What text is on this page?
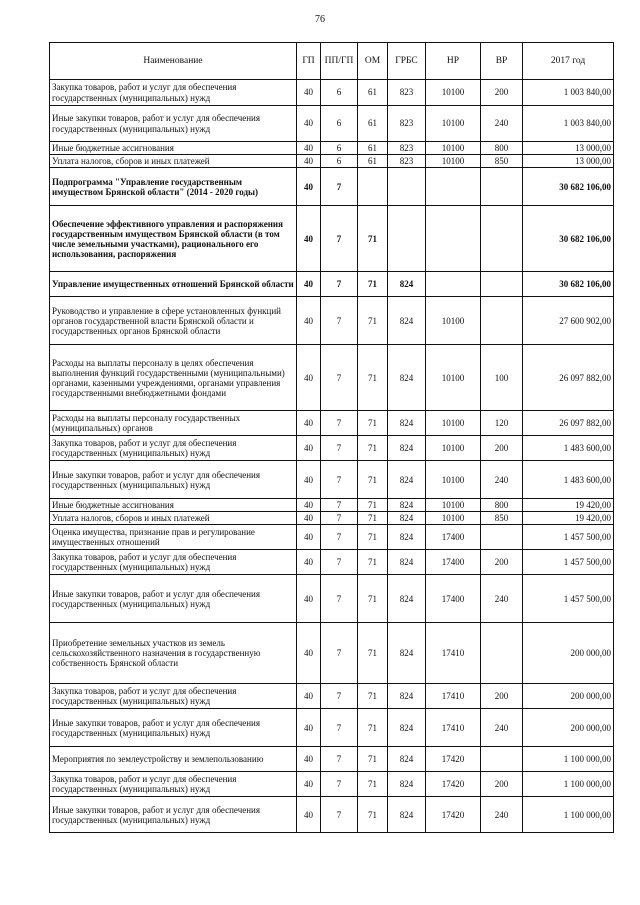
76
Наименование	ГП	ПП/ГП	ОМ	ГРБС	НР	ВР	2017 год
Закупка товаров, работ и услуг для обеспечения государственных (муниципальных) нужд	40	6	61	823	10100	200	1 003 840,00
Иные закупки товаров, работ и услуг для обеспечения государственных (муниципальных) нужд	40	6	61	823	10100	240	1 003 840,00
Иные бюджетные ассигнования	40	6	61	823	10100	800	13 000,00
Уплата налогов, сборов и иных платежей	40	6	61	823	10100	850	13 000,00
Подпрограмма "Управление государственным имуществом Брянской области" (2014 - 2020 годы)	40	7					30 682 106,00
Обеспечение эффективного управления и распоряжения государственным имуществом Брянской области (в том числе земельными участками), рационального его использования, распоряжения	40	7	71				30 682 106,00
Управление имущественных отношений Брянской области	40	7	71	824			30 682 106,00
Руководство и управление в сфере установленных функций органов государственной власти Брянской области и государственных органов Брянской области	40	7	71	824	10100		27 600 902,00
Расходы на выплаты персоналу в целях обеспечения выполнения функций государственными (муниципальными) органами, казенными учреждениями, органами управления государственными внебюджетными фондами	40	7	71	824	10100	100	26 097 882,00
Расходы на выплаты персоналу государственных (муниципальных) органов	40	7	71	824	10100	120	26 097 882,00
Закупка товаров, работ и услуг для обеспечения государственных (муниципальных) нужд	40	7	71	824	10100	200	1 483 600,00
Иные закупки товаров, работ и услуг для обеспечения государственных (муниципальных) нужд	40	7	71	824	10100	240	1 483 600,00
Иные бюджетные ассигнования	40	7	71	824	10100	800	19 420,00
Уплата налогов, сборов и иных платежей	40	7	71	824	10100	850	19 420,00
Оценка имущества, признание прав и регулирование имущественных отношений	40	7	71	824	17400		1 457 500,00
Закупка товаров, работ и услуг для обеспечения государственных (муниципальных) нужд	40	7	71	824	17400	200	1 457 500,00
Иные закупки товаров, работ и услуг для обеспечения государственных (муниципальных) нужд	40	7	71	824	17400	240	1 457 500,00
Приобретение земельных участков из земель сельскохозяйственного назначения в государственную собственность Брянской области	40	7	71	824	17410		200 000,00
Закупка товаров, работ и услуг для обеспечения государственных (муниципальных) нужд	40	7	71	824	17410	200	200 000,00
Иные закупки товаров, работ и услуг для обеспечения государственных (муниципальных) нужд	40	7	71	824	17410	240	200 000,00
Мероприятия по землеустройству и землепользованию	40	7	71	824	17420		1 100 000,00
Закупка товаров, работ и услуг для обеспечения государственных (муниципальных) нужд	40	7	71	824	17420	200	1 100 000,00
Иные закупки товаров, работ и услуг для обеспечения государственных (муниципальных) нужд	40	7	71	824	17420	240	1 100 000,00
